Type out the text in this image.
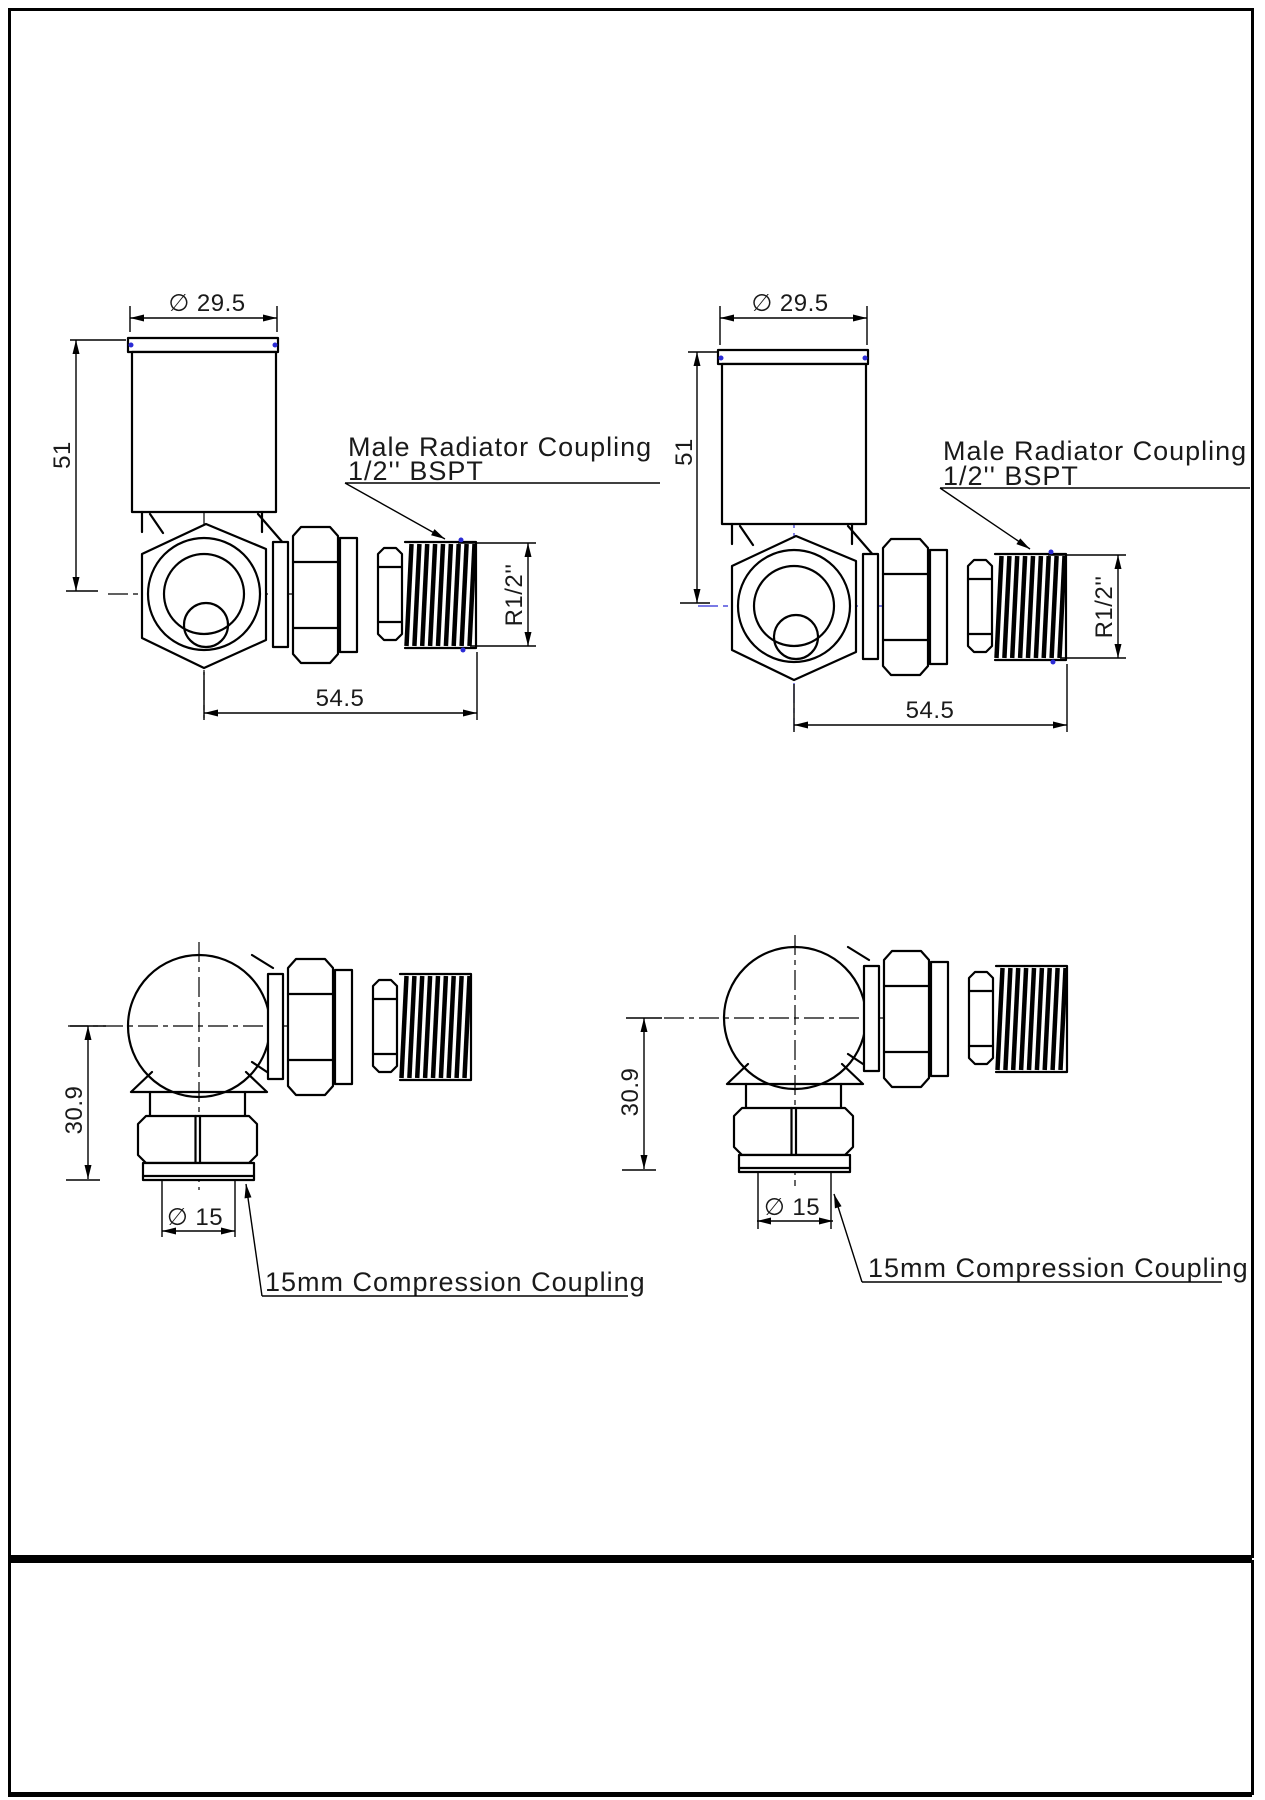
∅ 29.5
51
R1/2''
54.5
Male Radiator Coupling
1/2'' BSPT
∅ 29.5
51
R1/2''
54.5
Male Radiator Coupling
1/2'' BSPT
30.9
∅ 15
15mm Compression Coupling
30.9
∅ 15
15mm Compression Coupling
